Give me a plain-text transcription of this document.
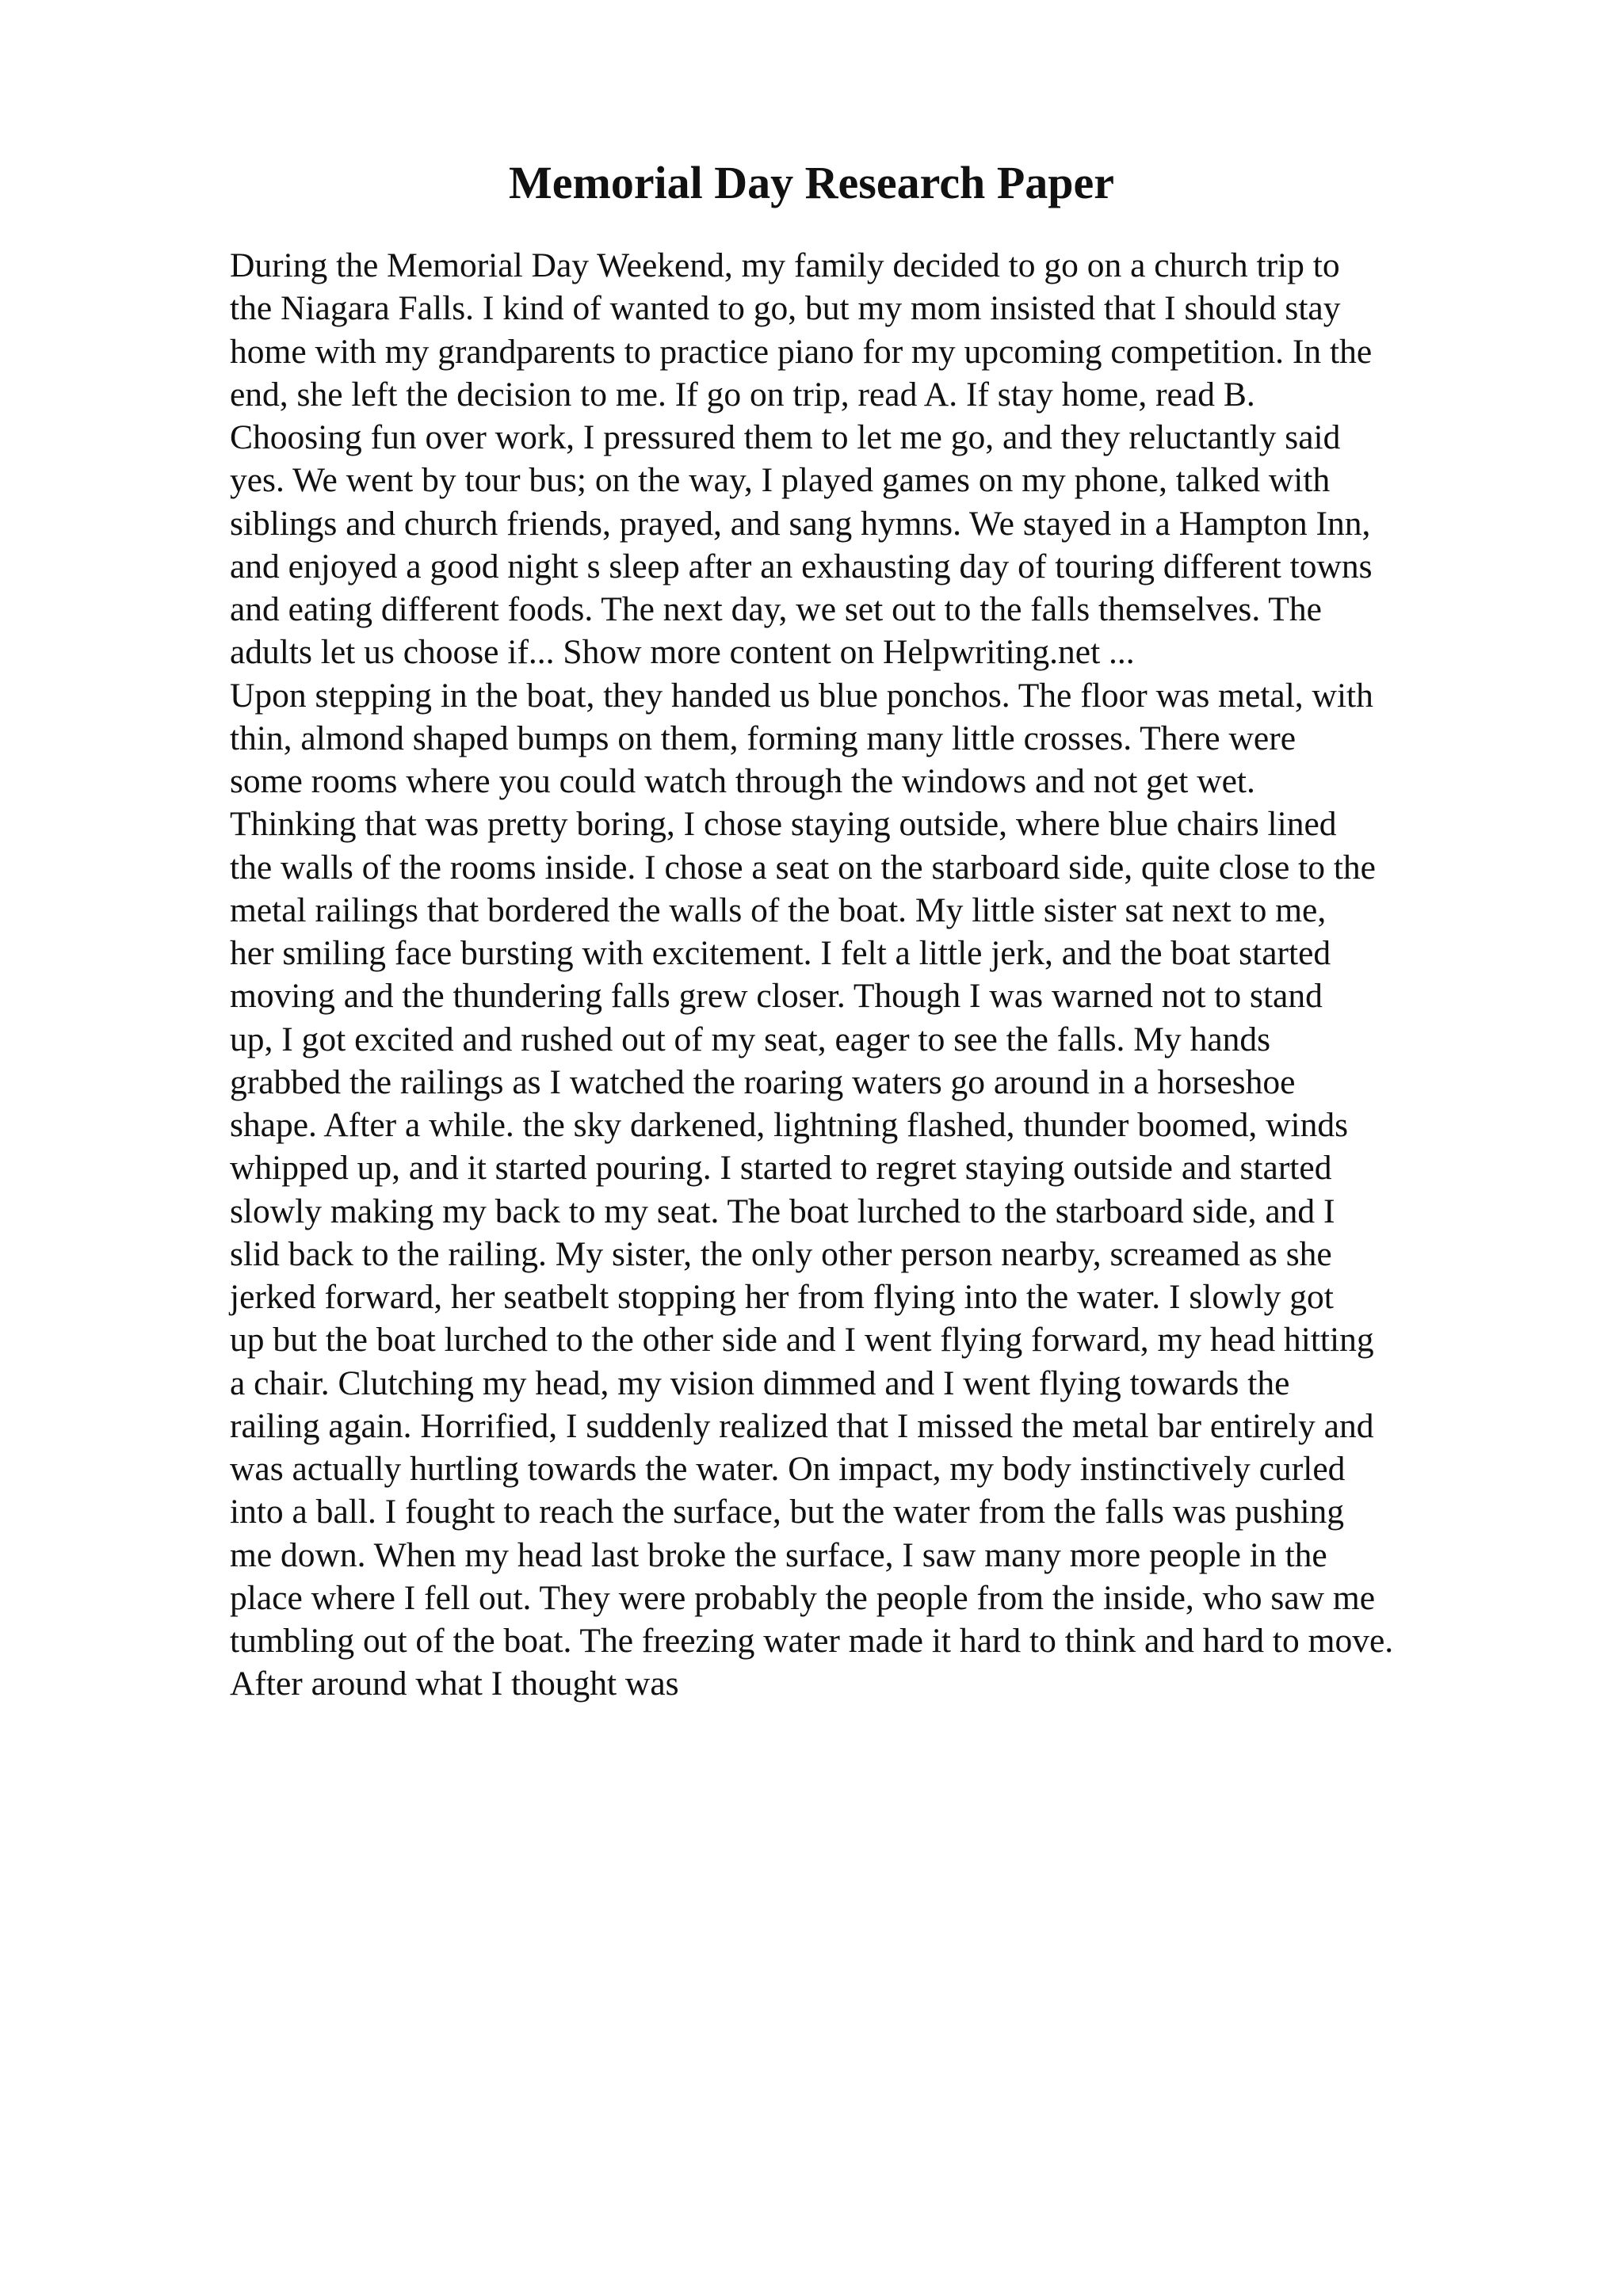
Memorial Day Research Paper
During the Memorial Day Weekend, my family decided to go on a church trip to
the Niagara Falls. I kind of wanted to go, but my mom insisted that I should stay
home with my grandparents to practice piano for my upcoming competition. In the
end, she left the decision to me. If go on trip, read A. If stay home, read B.
Choosing fun over work, I pressured them to let me go, and they reluctantly said
yes. We went by tour bus; on the way, I played games on my phone, talked with
siblings and church friends, prayed, and sang hymns. We stayed in a Hampton Inn,
and enjoyed a good night s sleep after an exhausting day of touring different towns
and eating different foods. The next day, we set out to the falls themselves. The
adults let us choose if... Show more content on Helpwriting.net ...
Upon stepping in the boat, they handed us blue ponchos. The floor was metal, with
thin, almond shaped bumps on them, forming many little crosses. There were
some rooms where you could watch through the windows and not get wet.
Thinking that was pretty boring, I chose staying outside, where blue chairs lined
the walls of the rooms inside. I chose a seat on the starboard side, quite close to the
metal railings that bordered the walls of the boat. My little sister sat next to me,
her smiling face bursting with excitement. I felt a little jerk, and the boat started
moving and the thundering falls grew closer. Though I was warned not to stand
up, I got excited and rushed out of my seat, eager to see the falls. My hands
grabbed the railings as I watched the roaring waters go around in a horseshoe
shape. After a while. the sky darkened, lightning flashed, thunder boomed, winds
whipped up, and it started pouring. I started to regret staying outside and started
slowly making my back to my seat. The boat lurched to the starboard side, and I
slid back to the railing. My sister, the only other person nearby, screamed as she
jerked forward, her seatbelt stopping her from flying into the water. I slowly got
up but the boat lurched to the other side and I went flying forward, my head hitting
a chair. Clutching my head, my vision dimmed and I went flying towards the
railing again. Horrified, I suddenly realized that I missed the metal bar entirely and
was actually hurtling towards the water. On impact, my body instinctively curled
into a ball. I fought to reach the surface, but the water from the falls was pushing
me down. When my head last broke the surface, I saw many more people in the
place where I fell out. They were probably the people from the inside, who saw me
tumbling out of the boat. The freezing water made it hard to think and hard to move.
After around what I thought was
